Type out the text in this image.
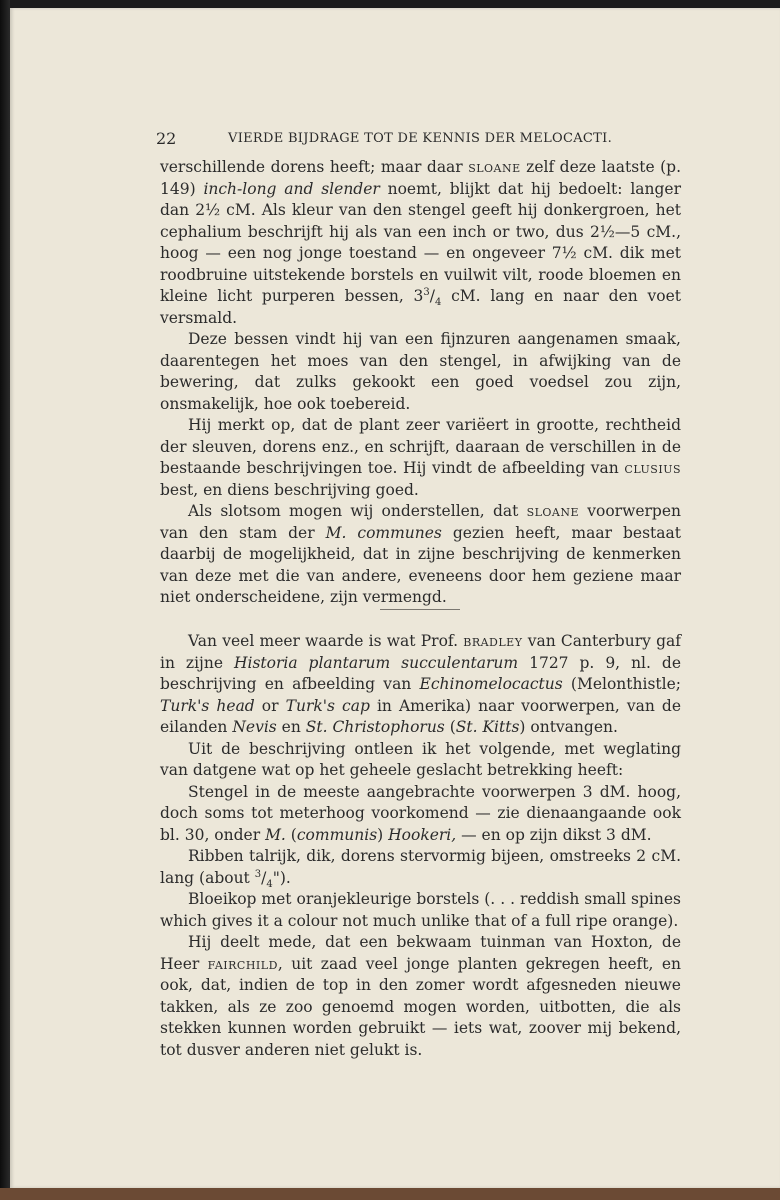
22	VIERDE BIJDRAGE TOT DE KENNIS DER MELOCACTI.

verschillende dorens heeft; maar daar sloane zelf deze laatste (p. 149) inch-long and slender noemt, blijkt dat hij bedoelt: langer dan 2½ cM. Als kleur van den stengel geeft hij donkergroen, het cephalium beschrijft hij als van een inch or two, dus 2½—5 cM., hoog — een nog jonge toestand — en ongeveer 7½ cM. dik met roodbruine uitstekende borstels en vuilwit vilt, roode bloemen en kleine licht purperen bessen, $3^3/_4$ cM. lang en naar den voet versmald.

Deze bessen vindt hij van een fijnzuren aangenamen smaak, daarentegen het moes van den stengel, in afwijking van de bewering, dat zulks gekookt een goed voedsel zou zijn, onsmakelijk, hoe ook toebereid.

Hij merkt op, dat de plant zeer variëert in grootte, rechtheid der sleuven, dorens enz., en schrijft, daaraan de verschillen in de bestaande beschrijvingen toe. Hij vindt de afbeelding van clusius best, en diens beschrijving goed.

Als slotsom mogen wij onderstellen, dat sloane voorwerpen van den stam der M. communes gezien heeft, maar bestaat daarbij de mogelijkheid, dat in zijne beschrijving de kenmerken van deze met die van andere, eveneens door hem geziene maar niet onderscheidene, zijn vermengd.

Van veel meer waarde is wat Prof. bradley van Canterbury gaf in zijne Historia plantarum succulentarum 1727 p. 9, nl. de beschrijving en afbeelding van Echinomelocactus (Melonthistle; Turk's head or Turk's cap in Amerika) naar voorwerpen, van de eilanden Nevis en St. Christophorus (St. Kitts) ontvangen.

Uit de beschrijving ontleen ik het volgende, met weglating van datgene wat op het geheele geslacht betrekking heeft:

Stengel in de meeste aangebrachte voorwerpen 3 dM. hoog, doch soms tot meterhoog voorkomend — zie dienaangaande ook bl. 30, onder M. (communis) Hookeri, — en op zijn dikst 3 dM.

Ribben talrijk, dik, dorens stervormig bijeen, omstreeks 2 cM. lang (about $^3/_4$").

Bloeikop met oranjekleurige borstels (. . . reddish small spines which gives it a colour not much unlike that of a full ripe orange).

Hij deelt mede, dat een bekwaam tuinman van Hoxton, de Heer fairchild, uit zaad veel jonge planten gekregen heeft, en ook, dat, indien de top in den zomer wordt afgesneden nieuwe takken, als ze zoo genoemd mogen worden, uitbotten, die als stekken kunnen worden gebruikt — iets wat, zoover mij bekend, tot dusver anderen niet gelukt is.
